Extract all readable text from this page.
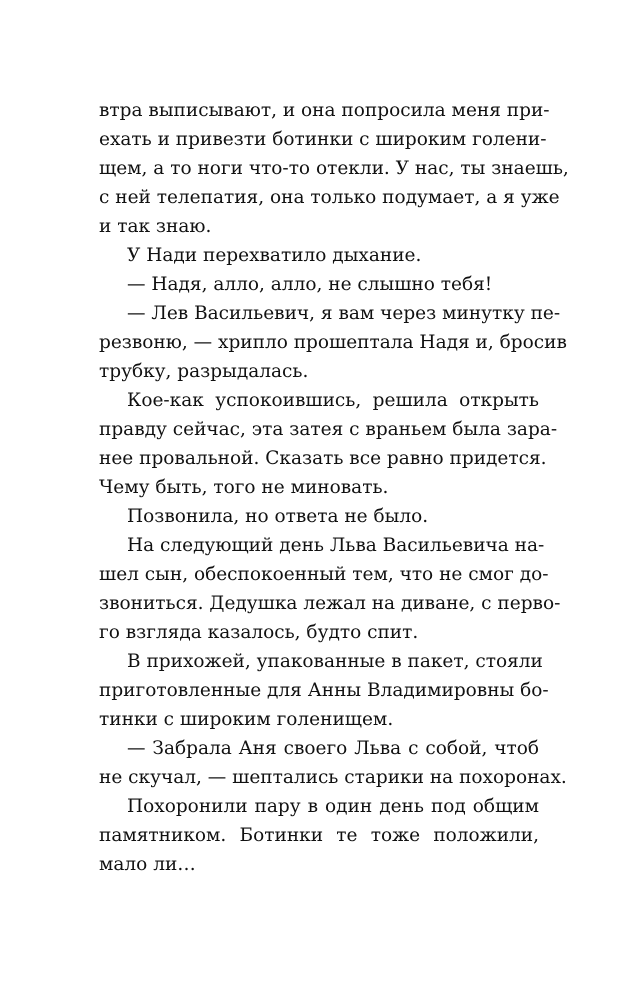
втра выписывают, и она попросила меня при-
ехать и привезти ботинки с широким голени-
щем, а то ноги что-то отекли. У нас, ты знаешь,
с ней телепатия, она только подумает, а я уже
и так знаю.
У Нади перехватило дыхание.
— Надя, алло, алло, не слышно тебя!
— Лев Васильевич, я вам через минутку пе-
резвоню, — хрипло прошептала Надя и, бросив
трубку, разрыдалась.
Кое-как успокоившись, решила открыть
правду сейчас, эта затея с враньем была зара-
нее провальной. Сказать все равно придется.
Чему быть, того не миновать.
Позвонила, но ответа не было.
На следующий день Льва Васильевича на-
шел сын, обеспокоенный тем, что не смог до-
звониться. Дедушка лежал на диване, с перво-
го взгляда казалось, будто спит.
В прихожей, упакованные в пакет, стояли
приготовленные для Анны Владимировны бо-
тинки с широким голенищем.
— Забрала Аня своего Льва с собой, чтоб
не скучал, — шептались старики на похоронах.
Похоронили пару в один день под общим
памятником. Ботинки те тоже положили,
мало ли…
